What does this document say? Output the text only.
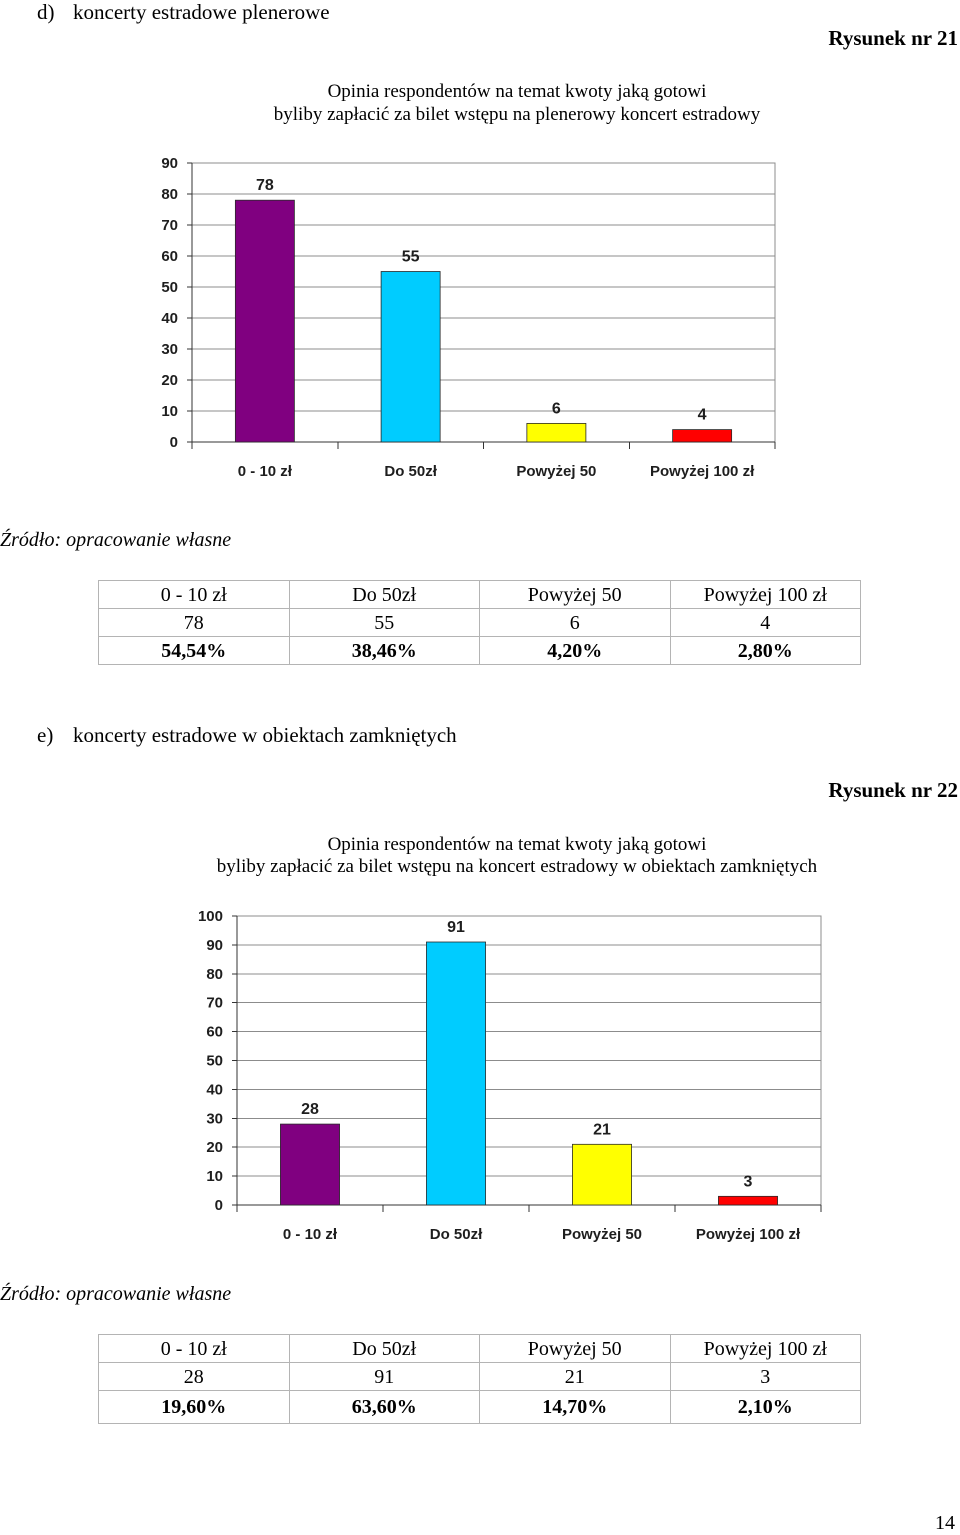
d) koncerty estradowe plenerowe
Rysunek nr 21
Opinia respondentów na temat kwoty jaką gotowi
byliby zapłacić za bilet wstępu na plenerowy koncert estradowy
0
10
20
30
40
50
60
70
80
90
78
0 - 10 zł
55
Do 50zł
6
Powyżej 50
4
Powyżej 100 zł
Źródło: opracowanie własne
0 - 10 zł	Do 50zł	Powyżej 50	Powyżej 100 zł
78	55	6	4
54,54%	38,46%	4,20%	2,80%
e) koncerty estradowe w obiektach zamkniętych
Rysunek nr 22
Opinia respondentów na temat kwoty jaką gotowi
byliby zapłacić za bilet wstępu na koncert estradowy w obiektach zamkniętych
0
10
20
30
40
50
60
70
80
90
100
28
0 - 10 zł
91
Do 50zł
21
Powyżej 50
3
Powyżej 100 zł
Źródło: opracowanie własne
0 - 10 zł	Do 50zł	Powyżej 50	Powyżej 100 zł
28	91	21	3
19,60%	63,60%	14,70%	2,10%
14
